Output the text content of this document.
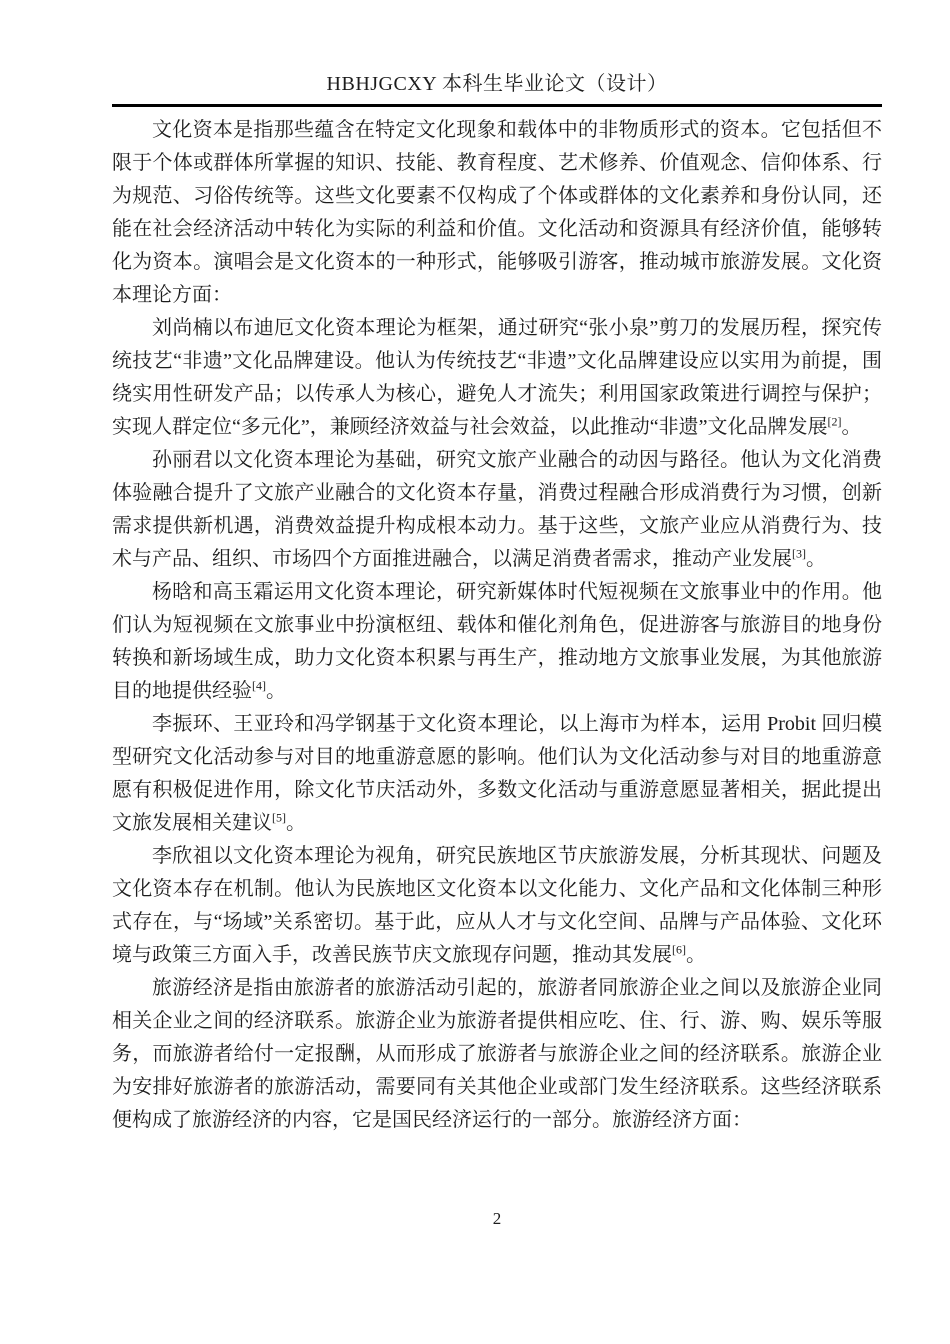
HBHJGCXY 本科生毕业论文（设计）

文化资本是指那些蕴含在特定文化现象和载体中的非物质形式的资本。它包括但不限于个体或群体所掌握的知识、技能、教育程度、艺术修养、价值观念、信仰体系、行为规范、习俗传统等。这些文化要素不仅构成了个体或群体的文化素养和身份认同，还能在社会经济活动中转化为实际的利益和价值。文化活动和资源具有经济价值，能够转化为资本。演唱会是文化资本的一种形式，能够吸引游客，推动城市旅游发展。文化资本理论方面：

刘尚楠以布迪厄文化资本理论为框架，通过研究“张小泉”剪刀的发展历程，探究传统技艺“非遗”文化品牌建设。他认为传统技艺“非遗”文化品牌建设应以实用为前提，围绕实用性研发产品；以传承人为核心，避免人才流失；利用国家政策进行调控与保护；实现人群定位“多元化”，兼顾经济效益与社会效益，以此推动“非遗”文化品牌发展[2]。

孙丽君以文化资本理论为基础，研究文旅产业融合的动因与路径。他认为文化消费体验融合提升了文旅产业融合的文化资本存量，消费过程融合形成消费行为习惯，创新需求提供新机遇，消费效益提升构成根本动力。基于这些，文旅产业应从消费行为、技术与产品、组织、市场四个方面推进融合，以满足消费者需求，推动产业发展[3]。

杨晗和高玉霜运用文化资本理论，研究新媒体时代短视频在文旅事业中的作用。他们认为短视频在文旅事业中扮演枢纽、载体和催化剂角色，促进游客与旅游目的地身份转换和新场域生成，助力文化资本积累与再生产，推动地方文旅事业发展，为其他旅游目的地提供经验[4]。

李振环、王亚玲和冯学钢基于文化资本理论，以上海市为样本，运用 Probit 回归模型研究文化活动参与对目的地重游意愿的影响。他们认为文化活动参与对目的地重游意愿有积极促进作用，除文化节庆活动外，多数文化活动与重游意愿显著相关，据此提出文旅发展相关建议[5]。

李欣祖以文化资本理论为视角，研究民族地区节庆旅游发展，分析其现状、问题及文化资本存在机制。他认为民族地区文化资本以文化能力、文化产品和文化体制三种形式存在，与“场域”关系密切。基于此，应从人才与文化空间、品牌与产品体验、文化环境与政策三方面入手，改善民族节庆文旅现存问题，推动其发展[6]。

旅游经济是指由旅游者的旅游活动引起的，旅游者同旅游企业之间以及旅游企业同相关企业之间的经济联系。旅游企业为旅游者提供相应吃、住、行、游、购、娱乐等服务，而旅游者给付一定报酬，从而形成了旅游者与旅游企业之间的经济联系。旅游企业为安排好旅游者的旅游活动，需要同有关其他企业或部门发生经济联系。这些经济联系便构成了旅游经济的内容，它是国民经济运行的一部分。旅游经济方面：

2
